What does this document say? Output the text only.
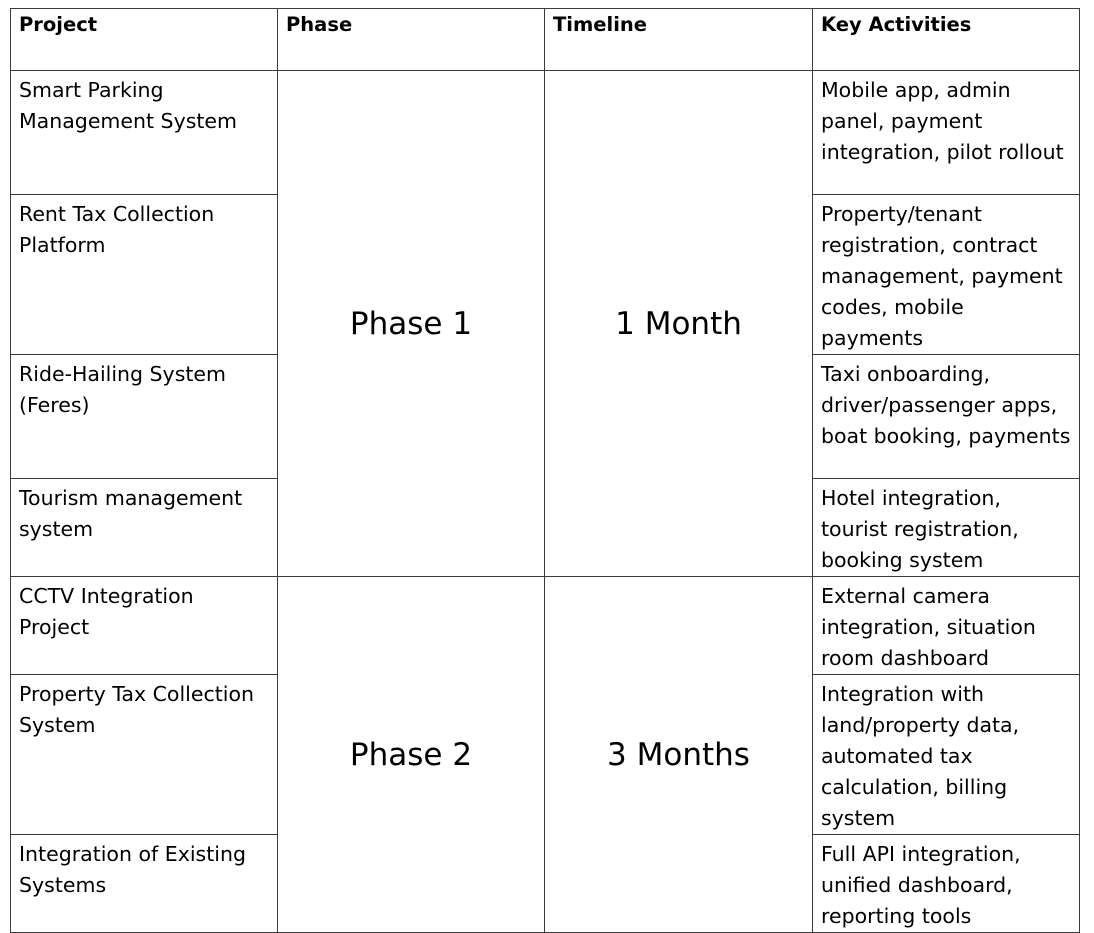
Project	Phase	Timeline	Key Activities
Smart Parking Management System	Phase 1	1 Month	Mobile app, admin panel, payment integration, pilot rollout
Rent Tax Collection Platform			Property/tenant registration, contract management, payment codes, mobile payments
Ride-Hailing System (Feres)			Taxi onboarding, driver/passenger apps, boat booking, payments
Tourism management system			Hotel integration, tourist registration, booking system
CCTV Integration Project	Phase 2	3 Months	External camera integration, situation room dashboard
Property Tax Collection System			Integration with land/property data, automated tax calculation, billing system
Integration of Existing Systems			Full API integration, unified dashboard, reporting tools
